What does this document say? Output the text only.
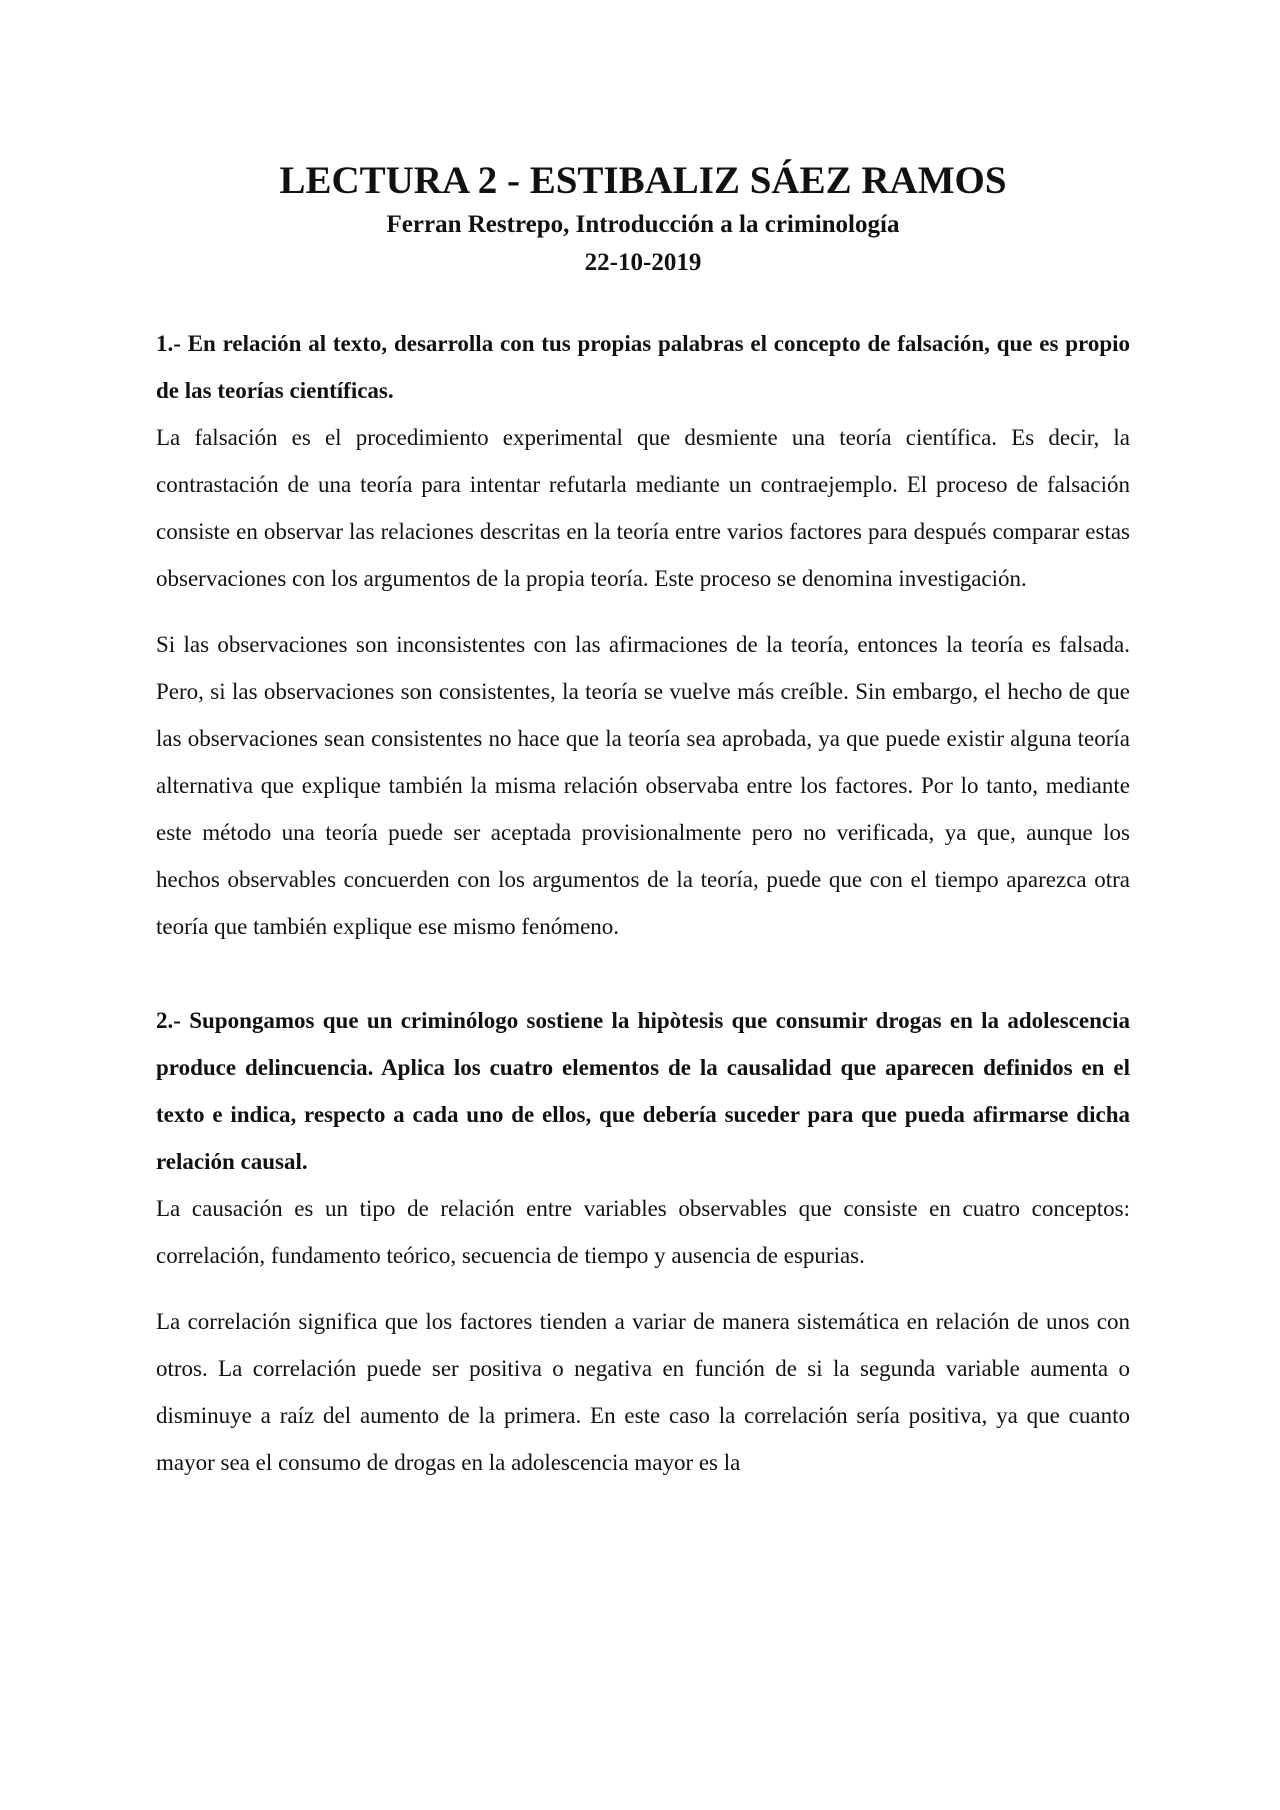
LECTURA 2 - ESTIBALIZ SÁEZ RAMOS

Ferran Restrepo, Introducción a la criminología

22-10-2019

1.- En relación al texto, desarrolla con tus propias palabras el concepto de falsación, que es propio de las teorías científicas.

La falsación es el procedimiento experimental que desmiente una teoría científica. Es decir, la contrastación de una teoría para intentar refutarla mediante un contraejemplo. El proceso de falsación consiste en observar las relaciones descritas en la teoría entre varios factores para después comparar estas observaciones con los argumentos de la propia teoría. Este proceso se denomina investigación.

Si las observaciones son inconsistentes con las afirmaciones de la teoría, entonces la teoría es falsada. Pero, si las observaciones son consistentes, la teoría se vuelve más creíble. Sin embargo, el hecho de que las observaciones sean consistentes no hace que la teoría sea aprobada, ya que puede existir alguna teoría alternativa que explique también la misma relación observaba entre los factores. Por lo tanto, mediante este método una teoría puede ser aceptada provisionalmente pero no verificada, ya que, aunque los hechos observables concuerden con los argumentos de la teoría, puede que con el tiempo aparezca otra teoría que también explique ese mismo fenómeno.

2.- Supongamos que un criminólogo sostiene la hipòtesis que consumir drogas en la adolescencia produce delincuencia. Aplica los cuatro elementos de la causalidad que aparecen definidos en el texto e indica, respecto a cada uno de ellos, que debería suceder para que pueda afirmarse dicha relación causal.

La causación es un tipo de relación entre variables observables que consiste en cuatro conceptos: correlación, fundamento teórico, secuencia de tiempo y ausencia de espurias.

La correlación significa que los factores tienden a variar de manera sistemática en relación de unos con otros. La correlación puede ser positiva o negativa en función de si la segunda variable aumenta o disminuye a raíz del aumento de la primera. En este caso la correlación sería positiva, ya que cuanto mayor sea el consumo de drogas en la adolescencia mayor es la
